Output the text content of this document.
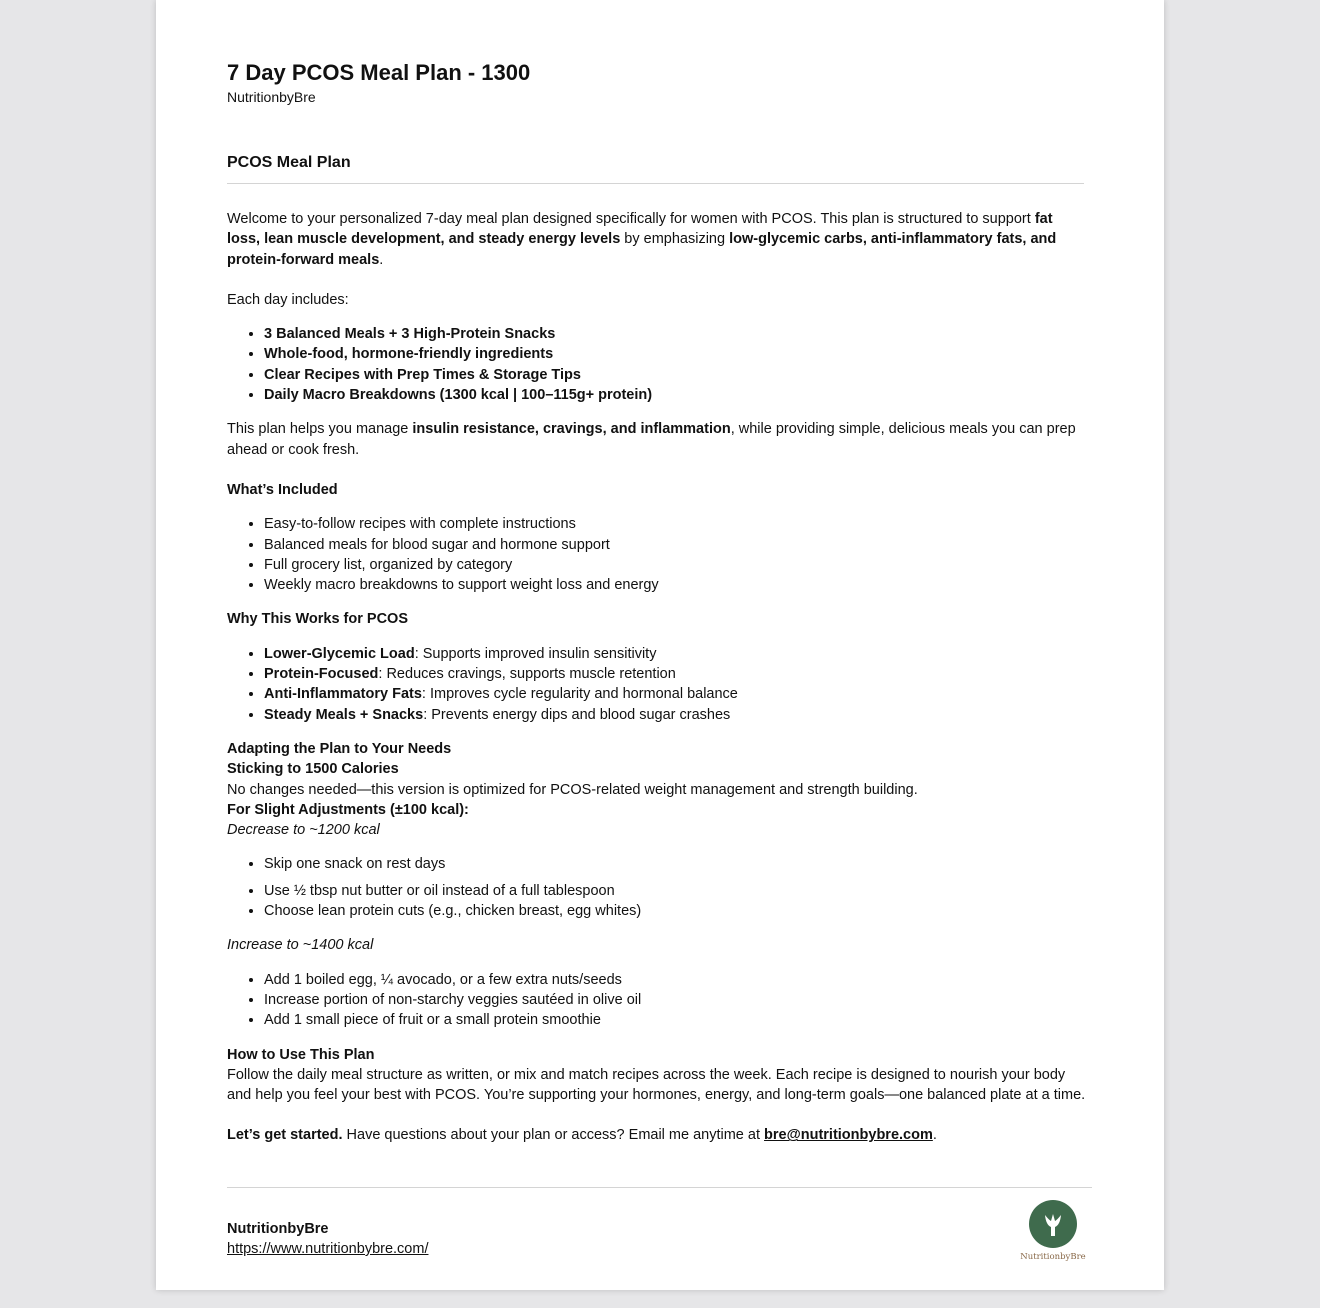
7 Day PCOS Meal Plan - 1300
NutritionbyBre
PCOS Meal Plan

Welcome to your personalized 7-day meal plan designed specifically for women with PCOS. This plan is structured to support fat loss, lean muscle development, and steady energy levels by emphasizing low-glycemic carbs, anti-inflammatory fats, and protein-forward meals.

Each day includes:

• 3 Balanced Meals + 3 High-Protein Snacks
• Whole-food, hormone-friendly ingredients
• Clear Recipes with Prep Times & Storage Tips
• Daily Macro Breakdowns (1300 kcal | 100–115g+ protein)

This plan helps you manage insulin resistance, cravings, and inflammation, while providing simple, delicious meals you can prep ahead or cook fresh.

What’s Included
• Easy-to-follow recipes with complete instructions
• Balanced meals for blood sugar and hormone support
• Full grocery list, organized by category
• Weekly macro breakdowns to support weight loss and energy
Why This Works for PCOS
• Lower-Glycemic Load: Supports improved insulin sensitivity
• Protein-Focused: Reduces cravings, supports muscle retention
• Anti-Inflammatory Fats: Improves cycle regularity and hormonal balance
• Steady Meals + Snacks: Prevents energy dips and blood sugar crashes
Adapting the Plan to Your Needs
Sticking to 1500 Calories

No changes needed—this version is optimized for PCOS-related weight management and strength building.

For Slight Adjustments (±100 kcal):

Decrease to ~1200 kcal

• Skip one snack on rest days
• Use ½ tbsp nut butter or oil instead of a full tablespoon
• Choose lean protein cuts (e.g., chicken breast, egg whites)

Increase to ~1400 kcal

• Add 1 boiled egg, ¼ avocado, or a few extra nuts/seeds
• Increase portion of non-starchy veggies sautéed in olive oil
• Add 1 small piece of fruit or a small protein smoothie
How to Use This Plan

Follow the daily meal structure as written, or mix and match recipes across the week. Each recipe is designed to nourish your body and help you feel your best with PCOS. You’re supporting your hormones, energy, and long-term goals—one balanced plate at a time.

Let’s get started. Have questions about your plan or access? Email me anytime at bre@nutritionbybre.com.

NutritionbyBre
https://www.nutritionbybre.com/	NutritionbyBre
